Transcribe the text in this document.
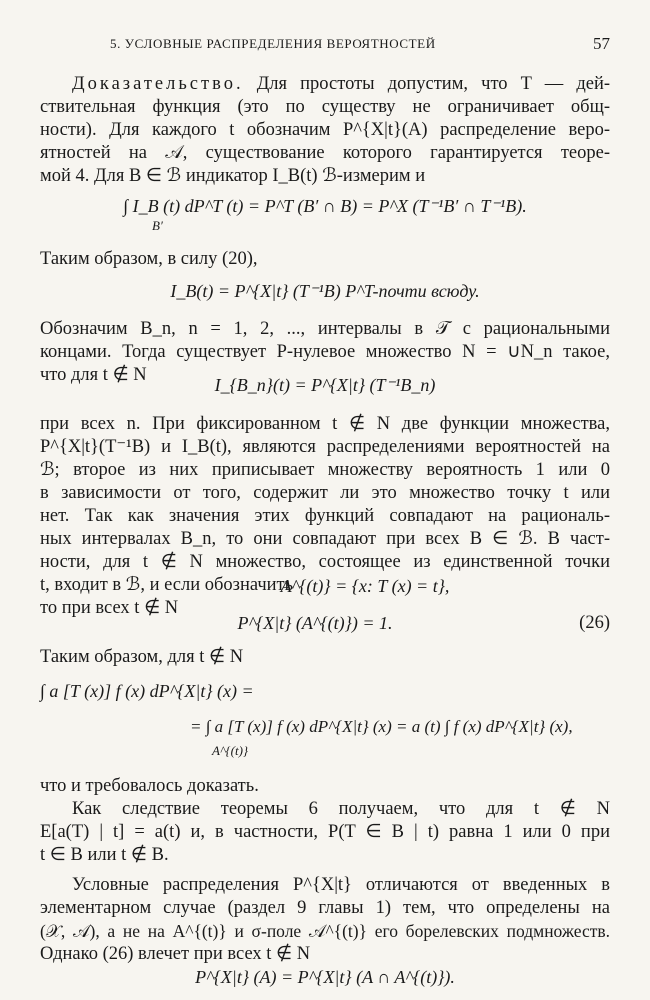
5. УСЛОВНЫЕ РАСПРЕДЕЛЕНИЯ ВЕРОЯТНОСТЕЙ	57
Доказательство. Для простоты допустим, что T — дей-
ствительная функция (это по существу не ограничивает общ-
ности). Для каждого t обозначим P^{X|t}(A) распределение веро-
ятностей на 𝒜, существование которого гарантируется теоре-
мой 4. Для B ∈ ℬ индикатор I_B(t) ℬ-измерим и
∫ I_B (t) dP^T (t) = P^T (B′ ∩ B) = P^X (T⁻¹B′ ∩ T⁻¹B).
B′
Таким образом, в силу (20),
I_B(t) = P^{X|t} (T⁻¹B) P^T-почти всюду.
Обозначим B_n, n = 1, 2, ..., интервалы в 𝒯 с рациональными
концами. Тогда существует P-нулевое множество N = ∪N_n такое,
что для t ∉ N	I_{B_n}(t) = P^{X|t} (T⁻¹B_n)
при всех n. При фиксированном t ∉ N две функции множества,
P^{X|t}(T⁻¹B) и I_B(t), являются распределениями вероятностей на
ℬ; второе из них приписывает множеству вероятность 1 или 0
в зависимости от того, содержит ли это множество точку t или
нет. Так как значения этих функций совпадают на рациональ-
ных интервалах B_n, то они совпадают при всех B ∈ ℬ. В част-
ности, для t ∉ N множество, состоящее из единственной точки
t, входит в ℬ, и если обозначить
A^{(t)} = {x: T (x) = t},
то при всех t ∉ N
P^{X|t} (A^{(t)}) = 1.	(26)
Таким образом, для t ∉ N
∫ a [T (x)] f (x) dP^{X|t} (x) =
= ∫ a [T (x)] f (x) dP^{X|t} (x) = a (t) ∫ f (x) dP^{X|t} (x),
A^{(t)}
что и требовалось доказать.
Как следствие теоремы 6 получаем, что для t ∉ N
E[a(T) | t] = a(t) и, в частности, P(T ∈ B | t) равна 1 или 0 при
t ∈ B или t ∉ B.
Условные распределения P^{X|t} отличаются от введенных в
элементарном случае (раздел 9 главы 1) тем, что определены на
(𝒳, 𝒜), а не на A^{(t)} и σ-поле 𝒜^{(t)} его борелевских подмножеств.
Однако (26) влечет при всех t ∉ N
P^{X|t} (A) = P^{X|t} (A ∩ A^{(t)}).
